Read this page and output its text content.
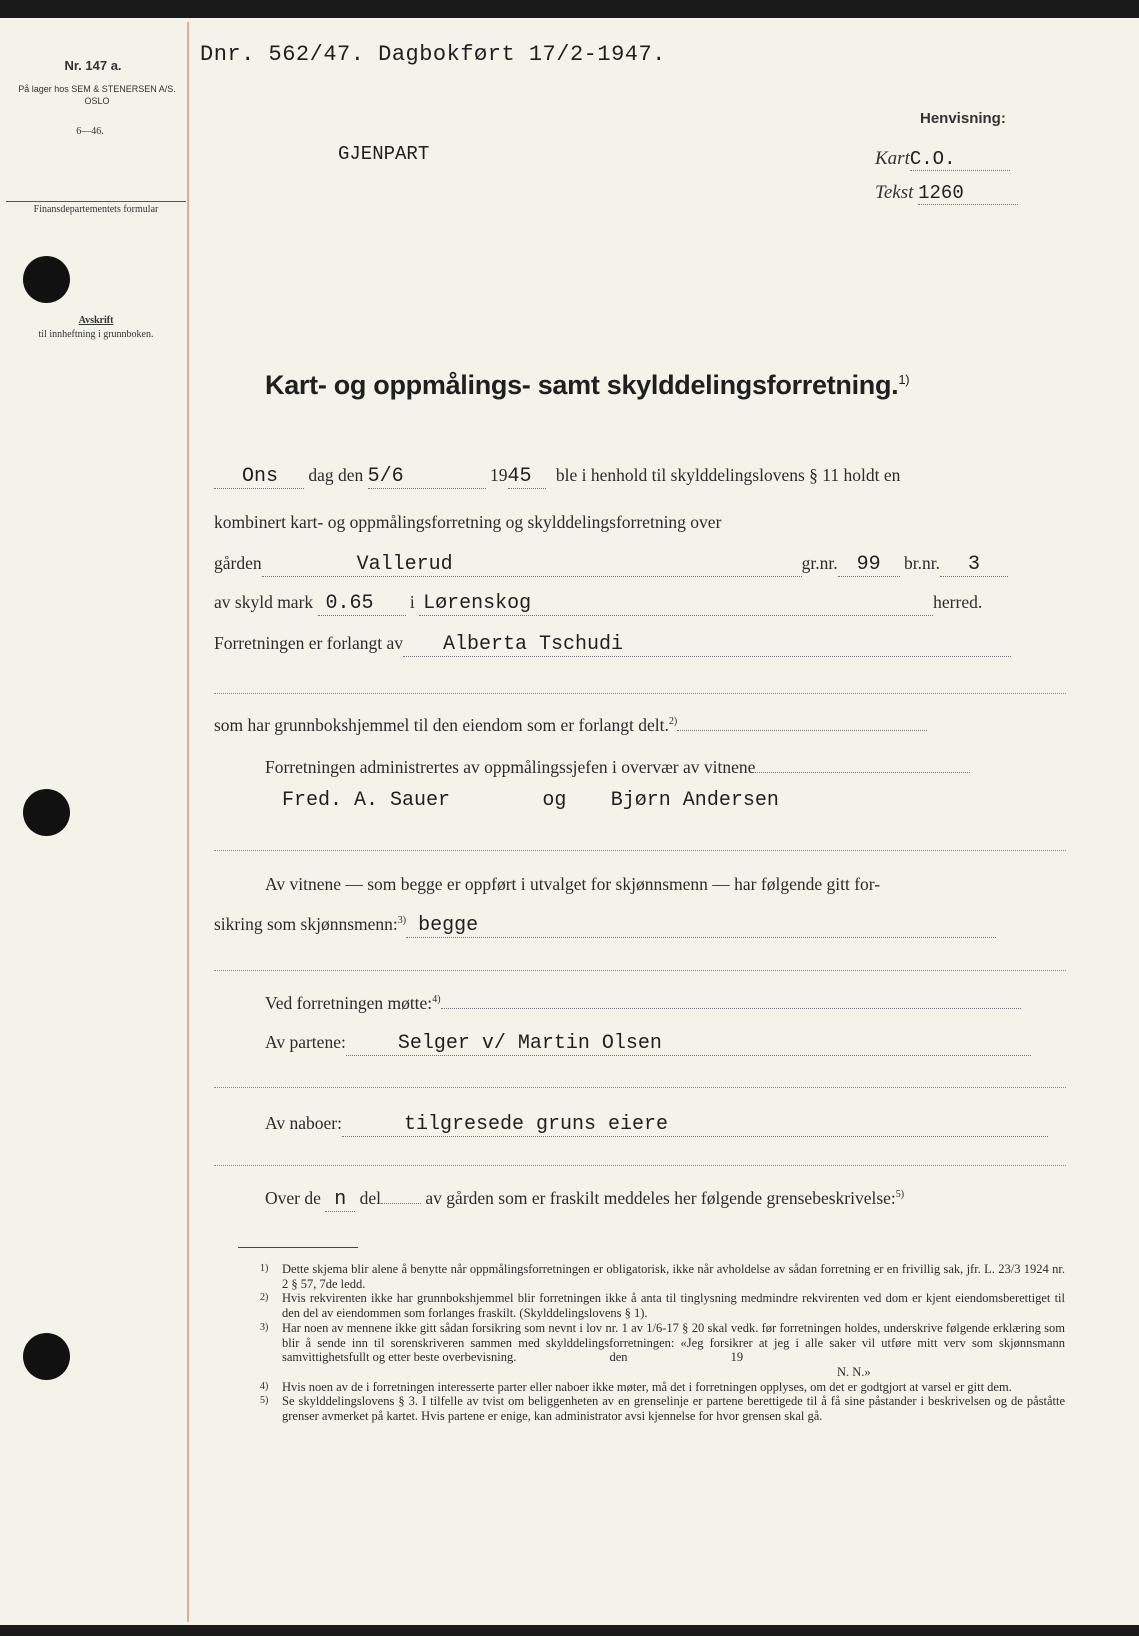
Nr. 147 a.
På lager hos SEM & STENERSEN A/S. OSLO
6—46.
Finansdepartementets formular
Avskrift
til innheftning i grunnboken.
Dnr. 562/47. Dagbokført 17/2-1947.
GJENPART
Henvisning:
KartC.O.
Tekst 1260
Kart- og oppmålings- samt skylddelingsforretning.$^{1)}$
Ons dag den 5/6	1945 ble i henhold til skylddelingslovens § 11 holdt en
kombinert kart- og oppmålingsforretning og skylddelingsforretning over
gården	Vallerud	gr.nr. 99 br.nr. 3
av skyld mark 0.65 i Lørenskog	herred.
Forretningen er forlangt av Alberta Tschudi
som har grunnbokshjemmel til den eiendom som er forlangt delt.$^{2)}$
Forretningen administrertes av oppmålingssjefen i overvær av vitnene
Fred. A. Sauer	og Bjørn Andersen
Av vitnene — som begge er oppført i utvalget for skjønnsmenn — har følgende gitt for-
sikring som skjønnsmenn:$^{3)}$ begge
Ved forretningen møtte:$^{4)}$
Av partene:	Selger v/ Martin Olsen
Av naboer:	tilgresede gruns eiere
Over de n del	av gården som er fraskilt meddeles her følgende grensebeskrivelse:$^{5)}$

1) Dette skjema blir alene å benytte når oppmålingsforretningen er obligatorisk, ikke når avholdelse av sådan forretning er en frivillig sak, jfr. L. 23/3 1924 nr. 2 § 57, 7de ledd.

2) Hvis rekvirenten ikke har grunnbokshjemmel blir forretningen ikke å anta til tinglysning medmindre rekvirenten ved dom er kjent eiendomsberettiget til den del av eiendommen som forlanges fraskilt. (Skylddelingslovens § 1).

3) Har noen av mennene ikke gitt sådan forsikring som nevnt i lov nr. 1 av 1/6-17 § 20 skal vedk. før forretningen holdes, underskrive følgende erklæring som blir å sende inn til sorenskriveren sammen med skylddelingsforretningen: «Jeg forsikrer at jeg i alle saker vil utføre mitt verv som skjønnsmann samvittighetsfullt og etter beste overbevisning.	den	19
N. N.»

4) Hvis noen av de i forretningen interesserte parter eller naboer ikke møter, må det i forretningen opplyses, om det er godtgjort at varsel er gitt dem.

5) Se skylddelingslovens § 3. I tilfelle av tvist om beliggenheten av en grenselinje er partene berettigede til å få sine påstander i beskrivelsen og de påståtte grenser avmerket på kartet. Hvis partene er enige, kan administrator avsi kjennelse for hvor grensen skal gå.
